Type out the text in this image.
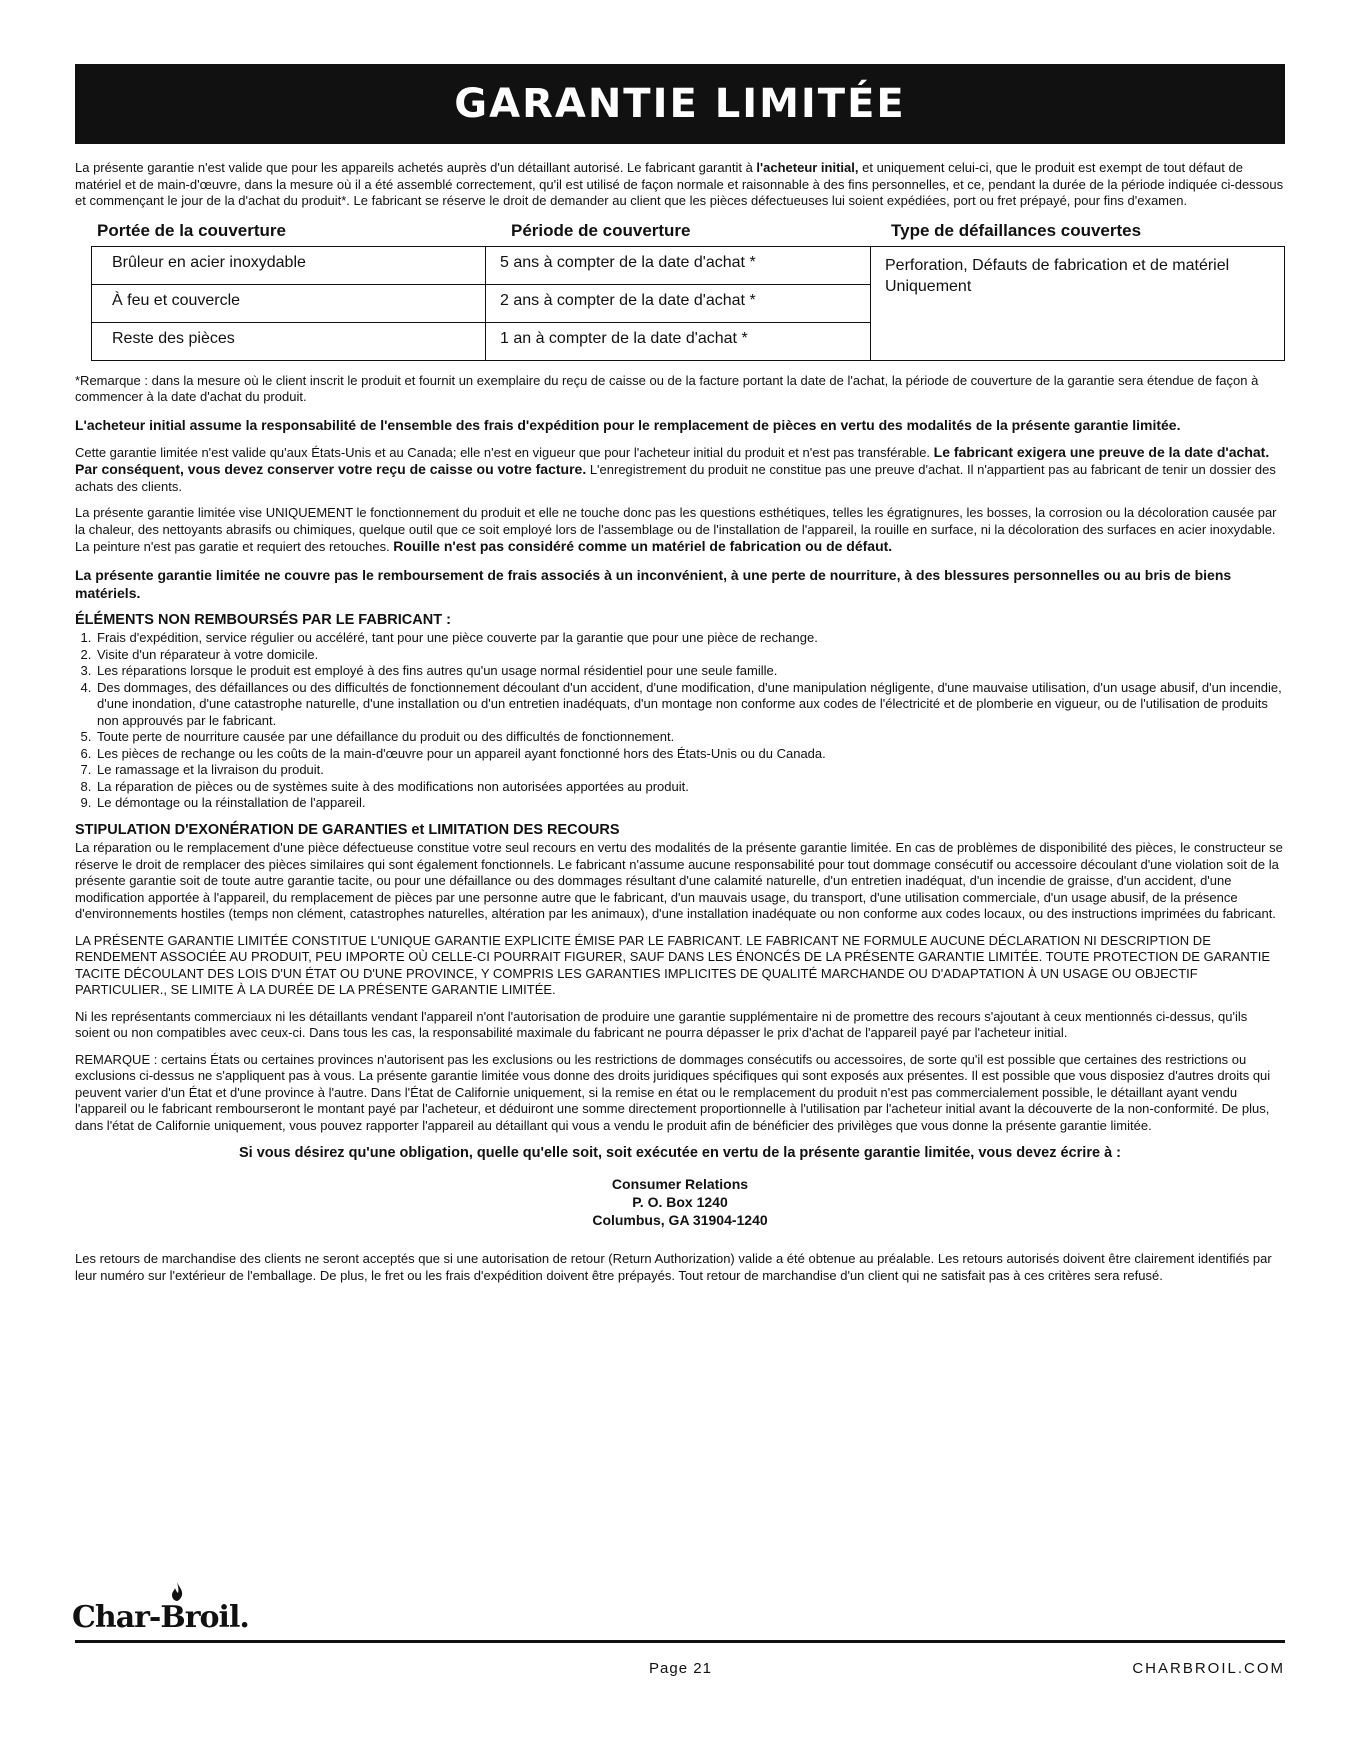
GARANTIE LIMITÉE

La présente garantie n'est valide que pour les appareils achetés auprès d'un détaillant autorisé. Le fabricant garantit à l'acheteur initial, et uniquement celui-ci, que le produit est exempt de tout défaut de matériel et de main-d'œuvre, dans la mesure où il a été assemblé correctement, qu'il est utilisé de façon normale et raisonnable à des fins personnelles, et ce, pendant la durée de la période indiquée ci-dessous et commençant le jour de la d'achat du produit*. Le fabricant se réserve le droit de demander au client que les pièces défectueuses lui soient expédiées, port ou fret prépayé, pour fins d'examen.

Portée de la couverture	Période de couverture	Type de défaillances couvertes
Brûleur en acier inoxydable	5 ans à compter de la date d'achat *
À feu et couvercle	2 ans à compter de la date d'achat *
Reste des pièces	1 an à compter de la date d'achat *
Perforation, Défauts de fabrication et de matériel
Uniquement

*Remarque : dans la mesure où le client inscrit le produit et fournit un exemplaire du reçu de caisse ou de la facture portant la date de l'achat, la période de couverture de la garantie sera étendue de façon à commencer à la date d'achat du produit.

L'acheteur initial assume la responsabilité de l'ensemble des frais d'expédition pour le remplacement de pièces en vertu des modalités de la présente garantie limitée.

Cette garantie limitée n'est valide qu'aux États-Unis et au Canada; elle n'est en vigueur que pour l'acheteur initial du produit et n'est pas transférable. Le fabricant exigera une preuve de la date d'achat. Par conséquent, vous devez conserver votre reçu de caisse ou votre facture. L'enregistrement du produit ne constitue pas une preuve d'achat. Il n'appartient pas au fabricant de tenir un dossier des achats des clients.

La présente garantie limitée vise UNIQUEMENT le fonctionnement du produit et elle ne touche donc pas les questions esthétiques, telles les égratignures, les bosses, la corrosion ou la décoloration causée par la chaleur, des nettoyants abrasifs ou chimiques, quelque outil que ce soit employé lors de l'assemblage ou de l'installation de l'appareil, la rouille en surface, ni la décoloration des surfaces en acier inoxydable. La peinture n'est pas garatie et requiert des retouches. Rouille n'est pas considéré comme un matériel de fabrication ou de défaut.

La présente garantie limitée ne couvre pas le remboursement de frais associés à un inconvénient, à une perte de nourriture, à des blessures personnelles ou au bris de biens matériels.

ÉLÉMENTS NON REMBOURSÉS PAR LE FABRICANT :
1. Frais d'expédition, service régulier ou accéléré, tant pour une pièce couverte par la garantie que pour une pièce de rechange.
2. Visite d'un réparateur à votre domicile.
3. Les réparations lorsque le produit est employé à des fins autres qu'un usage normal résidentiel pour une seule famille.
4. Des dommages, des défaillances ou des difficultés de fonctionnement découlant d'un accident, d'une modification, d'une manipulation négligente, d'une mauvaise utilisation, d'un usage abusif, d'un incendie, d'une inondation, d'une catastrophe naturelle, d'une installation ou d'un entretien inadéquats, d'un montage non conforme aux codes de l'électricité et de plomberie en vigueur, ou de l'utilisation de produits non approuvés par le fabricant.
5. Toute perte de nourriture causée par une défaillance du produit ou des difficultés de fonctionnement.
6. Les pièces de rechange ou les coûts de la main-d'œuvre pour un appareil ayant fonctionné hors des États-Unis ou du Canada.
7. Le ramassage et la livraison du produit.
8. La réparation de pièces ou de systèmes suite à des modifications non autorisées apportées au produit.
9. Le démontage ou la réinstallation de l'appareil.
STIPULATION D'EXONÉRATION DE GARANTIES et LIMITATION DES RECOURS

La réparation ou le remplacement d'une pièce défectueuse constitue votre seul recours en vertu des modalités de la présente garantie limitée. En cas de problèmes de disponibilité des pièces, le constructeur se réserve le droit de remplacer des pièces similaires qui sont également fonctionnels. Le fabricant n'assume aucune responsabilité pour tout dommage consécutif ou accessoire découlant d'une violation soit de la présente garantie soit de toute autre garantie tacite, ou pour une défaillance ou des dommages résultant d'une calamité naturelle, d'un entretien inadéquat, d'un incendie de graisse, d'un accident, d'une modification apportée à l'appareil, du remplacement de pièces par une personne autre que le fabricant, d'un mauvais usage, du transport, d'une utilisation commerciale, d'un usage abusif, de la présence d'environnements hostiles (temps non clément, catastrophes naturelles, altération par les animaux), d'une installation inadéquate ou non conforme aux codes locaux, ou des instructions imprimées du fabricant.

LA PRÉSENTE GARANTIE LIMITÉE CONSTITUE L'UNIQUE GARANTIE EXPLICITE ÉMISE PAR LE FABRICANT. LE FABRICANT NE FORMULE AUCUNE DÉCLARATION NI DESCRIPTION DE RENDEMENT ASSOCIÉE AU PRODUIT, PEU IMPORTE OÙ CELLE-CI POURRAIT FIGURER, SAUF DANS LES ÉNONCÉS DE LA PRÉSENTE GARANTIE LIMITÉE. TOUTE PROTECTION DE GARANTIE TACITE DÉCOULANT DES LOIS D'UN ÉTAT OU D'UNE PROVINCE, Y COMPRIS LES GARANTIES IMPLICITES DE QUALITÉ MARCHANDE OU D'ADAPTATION À UN USAGE OU OBJECTIF PARTICULIER., SE LIMITE À LA DURÉE DE LA PRÉSENTE GARANTIE LIMITÉE.

Ni les représentants commerciaux ni les détaillants vendant l'appareil n'ont l'autorisation de produire une garantie supplémentaire ni de promettre des recours s'ajoutant à ceux mentionnés ci-dessus, qu'ils soient ou non compatibles avec ceux-ci. Dans tous les cas, la responsabilité maximale du fabricant ne pourra dépasser le prix d'achat de l'appareil payé par l'acheteur initial.

REMARQUE : certains États ou certaines provinces n'autorisent pas les exclusions ou les restrictions de dommages consécutifs ou accessoires, de sorte qu'il est possible que certaines des restrictions ou exclusions ci-dessus ne s'appliquent pas à vous. La présente garantie limitée vous donne des droits juridiques spécifiques qui sont exposés aux présentes. Il est possible que vous disposiez d'autres droits qui peuvent varier d'un État et d'une province à l'autre. Dans l'État de Californie uniquement, si la remise en état ou le remplacement du produit n'est pas commercialement possible, le détaillant ayant vendu l'appareil ou le fabricant rembourseront le montant payé par l'acheteur, et déduiront une somme directement proportionnelle à l'utilisation par l'acheteur initial avant la découverte de la non-conformité. De plus, dans l'état de Californie uniquement, vous pouvez rapporter l'appareil au détaillant qui vous a vendu le produit afin de bénéficier des privilèges que vous donne la présente garantie limitée.

Si vous désirez qu'une obligation, quelle qu'elle soit, soit exécutée en vertu de la présente garantie limitée, vous devez écrire à :

Consumer Relations
P. O. Box 1240
Columbus, GA 31904-1240

Les retours de marchandise des clients ne seront acceptés que si une autorisation de retour (Return Authorization) valide a été obtenue au préalable. Les retours autorisés doivent être clairement identifiés par leur numéro sur l'extérieur de l'emballage. De plus, le fret ou les frais d'expédition doivent être prépayés. Tout retour de marchandise d'un client qui ne satisfait pas à ces critères sera refusé.

Char-Broil.
Page 21	CHARBROIL.COM
